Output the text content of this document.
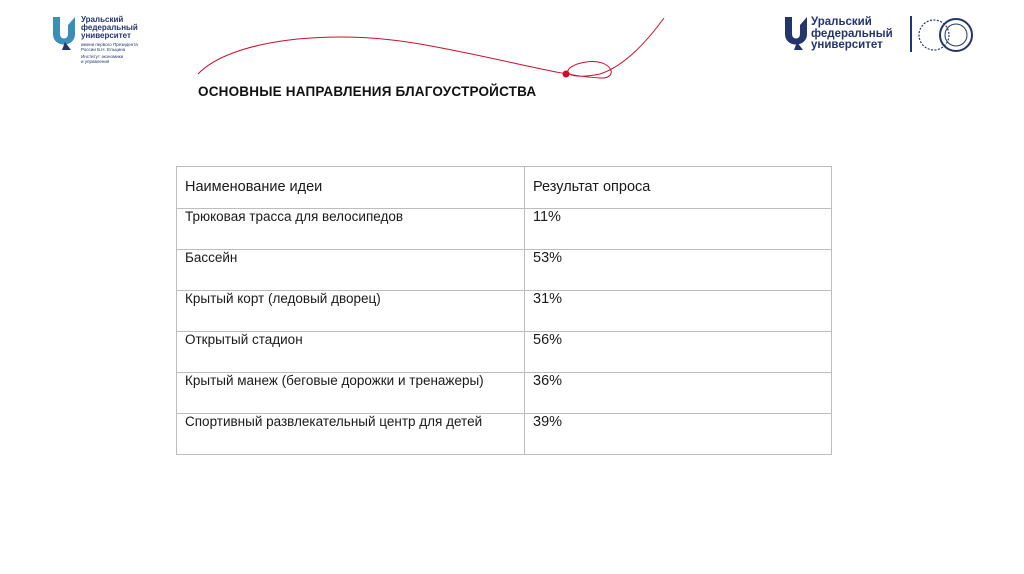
Уральский
федеральный
университет
имени первого Президента
России Б.Н. Ельцина
Институт экономики
и управления
Уральский
федеральный
университет
ОСНОВНЫЕ НАПРАВЛЕНИЯ БЛАГОУСТРОЙСТВА
Наименование идеи	Результат опроса
Трюковая трасса для велосипедов	11%
Бассейн	53%
Крытый корт (ледовый дворец)	31%
Открытый стадион	56%
Крытый манеж (беговые дорожки и тренажеры)	36%
Спортивный развлекательный центр для детей	39%
